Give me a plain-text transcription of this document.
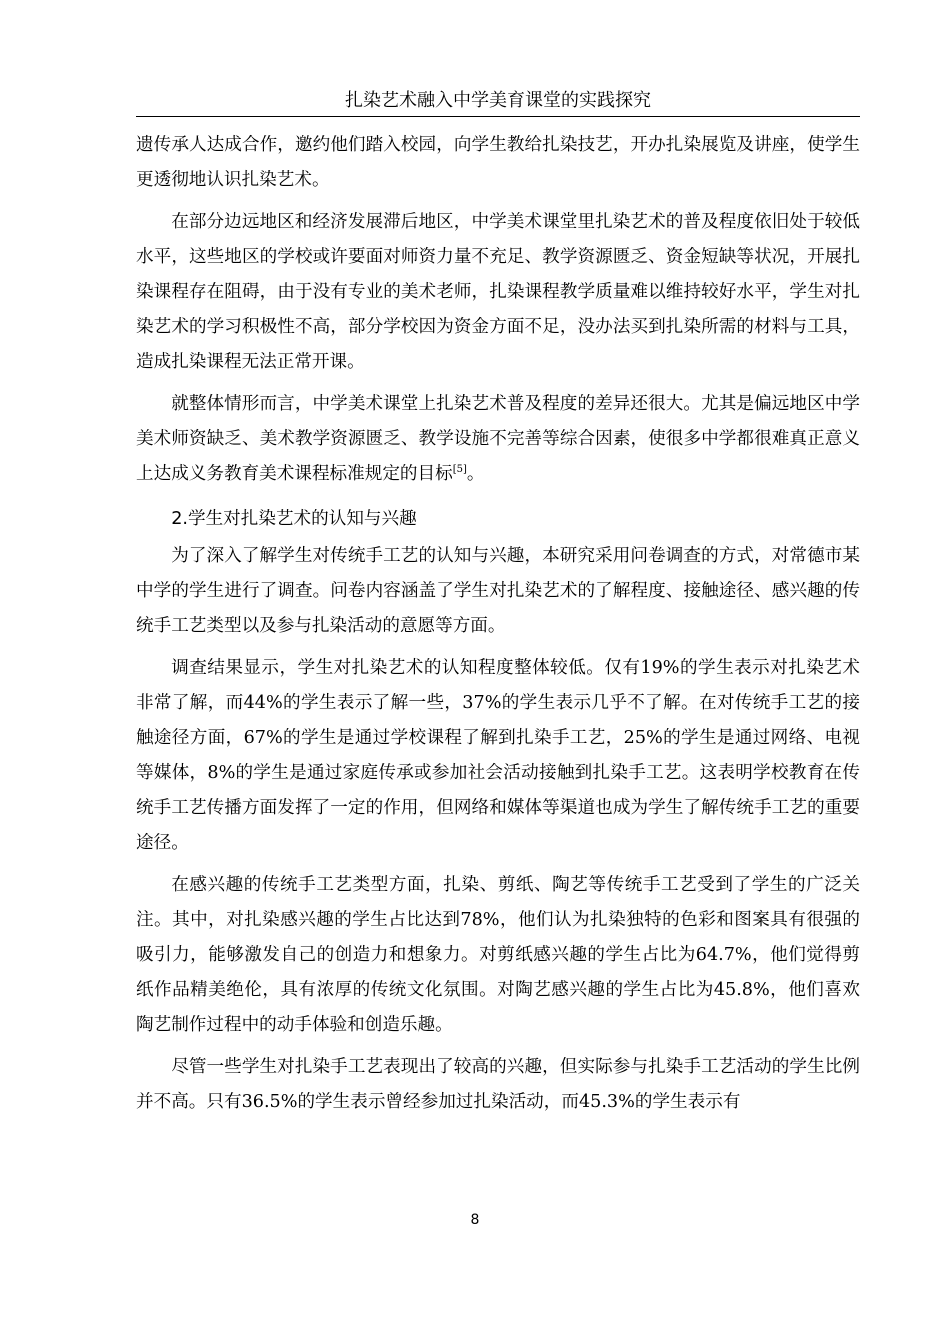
扎染艺术融入中学美育课堂的实践探究

遗传承人达成合作，邀约他们踏入校园，向学生教给扎染技艺，开办扎染展览及讲座，使学生更透彻地认识扎染艺术。

在部分边远地区和经济发展滞后地区，中学美术课堂里扎染艺术的普及程度依旧处于较低水平，这些地区的学校或许要面对师资力量不充足、教学资源匮乏、资金短缺等状况，开展扎染课程存在阻碍，由于没有专业的美术老师，扎染课程教学质量难以维持较好水平，学生对扎染艺术的学习积极性不高，部分学校因为资金方面不足，没办法买到扎染所需的材料与工具，造成扎染课程无法正常开课。

就整体情形而言，中学美术课堂上扎染艺术普及程度的差异还很大。尤其是偏远地区中学美术师资缺乏、美术教学资源匮乏、教学设施不完善等综合因素，使很多中学都很难真正意义上达成义务教育美术课程标准规定的目标[5]。

2.学生对扎染艺术的认知与兴趣

为了深入了解学生对传统手工艺的认知与兴趣，本研究采用问卷调查的方式，对常德市某中学的学生进行了调查。问卷内容涵盖了学生对扎染艺术的了解程度、接触途径、感兴趣的传统手工艺类型以及参与扎染活动的意愿等方面。

调查结果显示，学生对扎染艺术的认知程度整体较低。仅有19%的学生表示对扎染艺术非常了解，而44%的学生表示了解一些，37%的学生表示几乎不了解。在对传统手工艺的接触途径方面，67%的学生是通过学校课程了解到扎染手工艺，25%的学生是通过网络、电视等媒体，8%的学生是通过家庭传承或参加社会活动接触到扎染手工艺。这表明学校教育在传统手工艺传播方面发挥了一定的作用，但网络和媒体等渠道也成为学生了解传统手工艺的重要途径。

在感兴趣的传统手工艺类型方面，扎染、剪纸、陶艺等传统手工艺受到了学生的广泛关注。其中，对扎染感兴趣的学生占比达到78%，他们认为扎染独特的色彩和图案具有很强的吸引力，能够激发自己的创造力和想象力。对剪纸感兴趣的学生占比为64.7%，他们觉得剪纸作品精美绝伦，具有浓厚的传统文化氛围。对陶艺感兴趣的学生占比为45.8%，他们喜欢陶艺制作过程中的动手体验和创造乐趣。

尽管一些学生对扎染手工艺表现出了较高的兴趣，但实际参与扎染手工艺活动的学生比例并不高。只有36.5%的学生表示曾经参加过扎染活动，而45.3%的学生表示有

8
